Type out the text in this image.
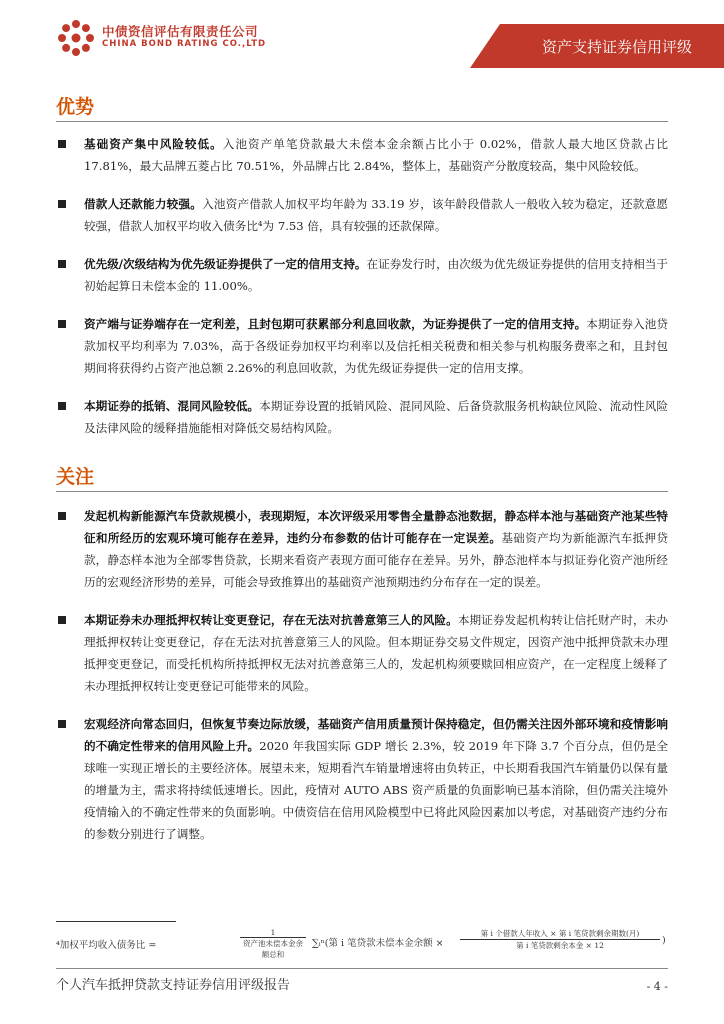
中债资信评估有限责任公司
CHINA BOND RATING CO.,LTD	资产支持证券信用评级
优势
基础资产集中风险较低。入池资产单笔贷款最大未偿本金余额占比小于 0.02%，借款人最大地区贷款占比 17.81%，最大品牌五菱占比 70.51%，外品牌占比 2.84%，整体上，基础资产分散度较高，集中风险较低。
借款人还款能力较强。入池资产借款人加权平均年龄为 33.19 岁，该年龄段借款人一般收入较为稳定，还款意愿较强，借款人加权平均收入债务比⁴为 7.53 倍，具有较强的还款保障。
优先级/次级结构为优先级证券提供了一定的信用支持。在证券发行时，由次级为优先级证券提供的信用支持相当于初始起算日未偿本金的 11.00%。
资产端与证券端存在一定利差，且封包期可获累部分利息回收款，为证券提供了一定的信用支持。本期证券入池贷款加权平均利率为 7.03%，高于各级证券加权平均利率以及信托相关税费和相关参与机构服务费率之和，且封包期间将获得约占资产池总额 2.26%的利息回收款，为优先级证券提供一定的信用支撑。
本期证券的抵销、混同风险较低。本期证券设置的抵销风险、混同风险、后备贷款服务机构缺位风险、流动性风险及法律风险的缓释措施能相对降低交易结构风险。
关注
发起机构新能源汽车贷款规模小，表现期短，本次评级采用零售全量静态池数据，静态样本池与基础资产池某些特征和所经历的宏观环境可能存在差异，违约分布参数的估计可能存在一定误差。基础资产均为新能源汽车抵押贷款，静态样本池为全部零售贷款，长期来看资产表现方面可能存在差异。另外，静态池样本与拟证券化资产池所经历的宏观经济形势的差异，可能会导致推算出的基础资产池预期违约分布存在一定的误差。
本期证券未办理抵押权转让变更登记，存在无法对抗善意第三人的风险。本期证券发起机构转让信托财产时，未办理抵押权转让变更登记，存在无法对抗善意第三人的风险。但本期证券交易文件规定，因资产池中抵押贷款未办理抵押变更登记，而受托机构所持抵押权无法对抗善意第三人的，发起机构须要赎回相应资产，在一定程度上缓释了未办理抵押权转让变更登记可能带来的风险。
宏观经济向常态回归，但恢复节奏边际放缓，基础资产信用质量预计保持稳定，但仍需关注因外部环境和疫情影响的不确定性带来的信用风险上升。2020 年我国实际 GDP 增长 2.3%，较 2019 年下降 3.7 个百分点，但仍是全球唯一实现正增长的主要经济体。展望未来，短期看汽车销量增速将由负转正，中长期看我国汽车销量仍以保有量的增量为主，需求将持续低速增长。因此，疫情对 AUTO ABS 资产质量的负面影响已基本消除，但仍需关注境外疫情输入的不确定性带来的负面影响。中债资信在信用风险模型中已将此风险因素加以考虑，对基础资产违约分布的参数分别进行了调整。
⁴加权平均收入债务比 =
1
资产池未偿本金余额总和
∑ᵢⁿ(第 i 笔贷款未偿本金余额 ×
第 i 个借款人年收入 × 第 i 笔贷款剩余期数(月)
第 i 笔贷款剩余本金 × 12	)
个人汽车抵押贷款支持证券信用评级报告	- 4 -
